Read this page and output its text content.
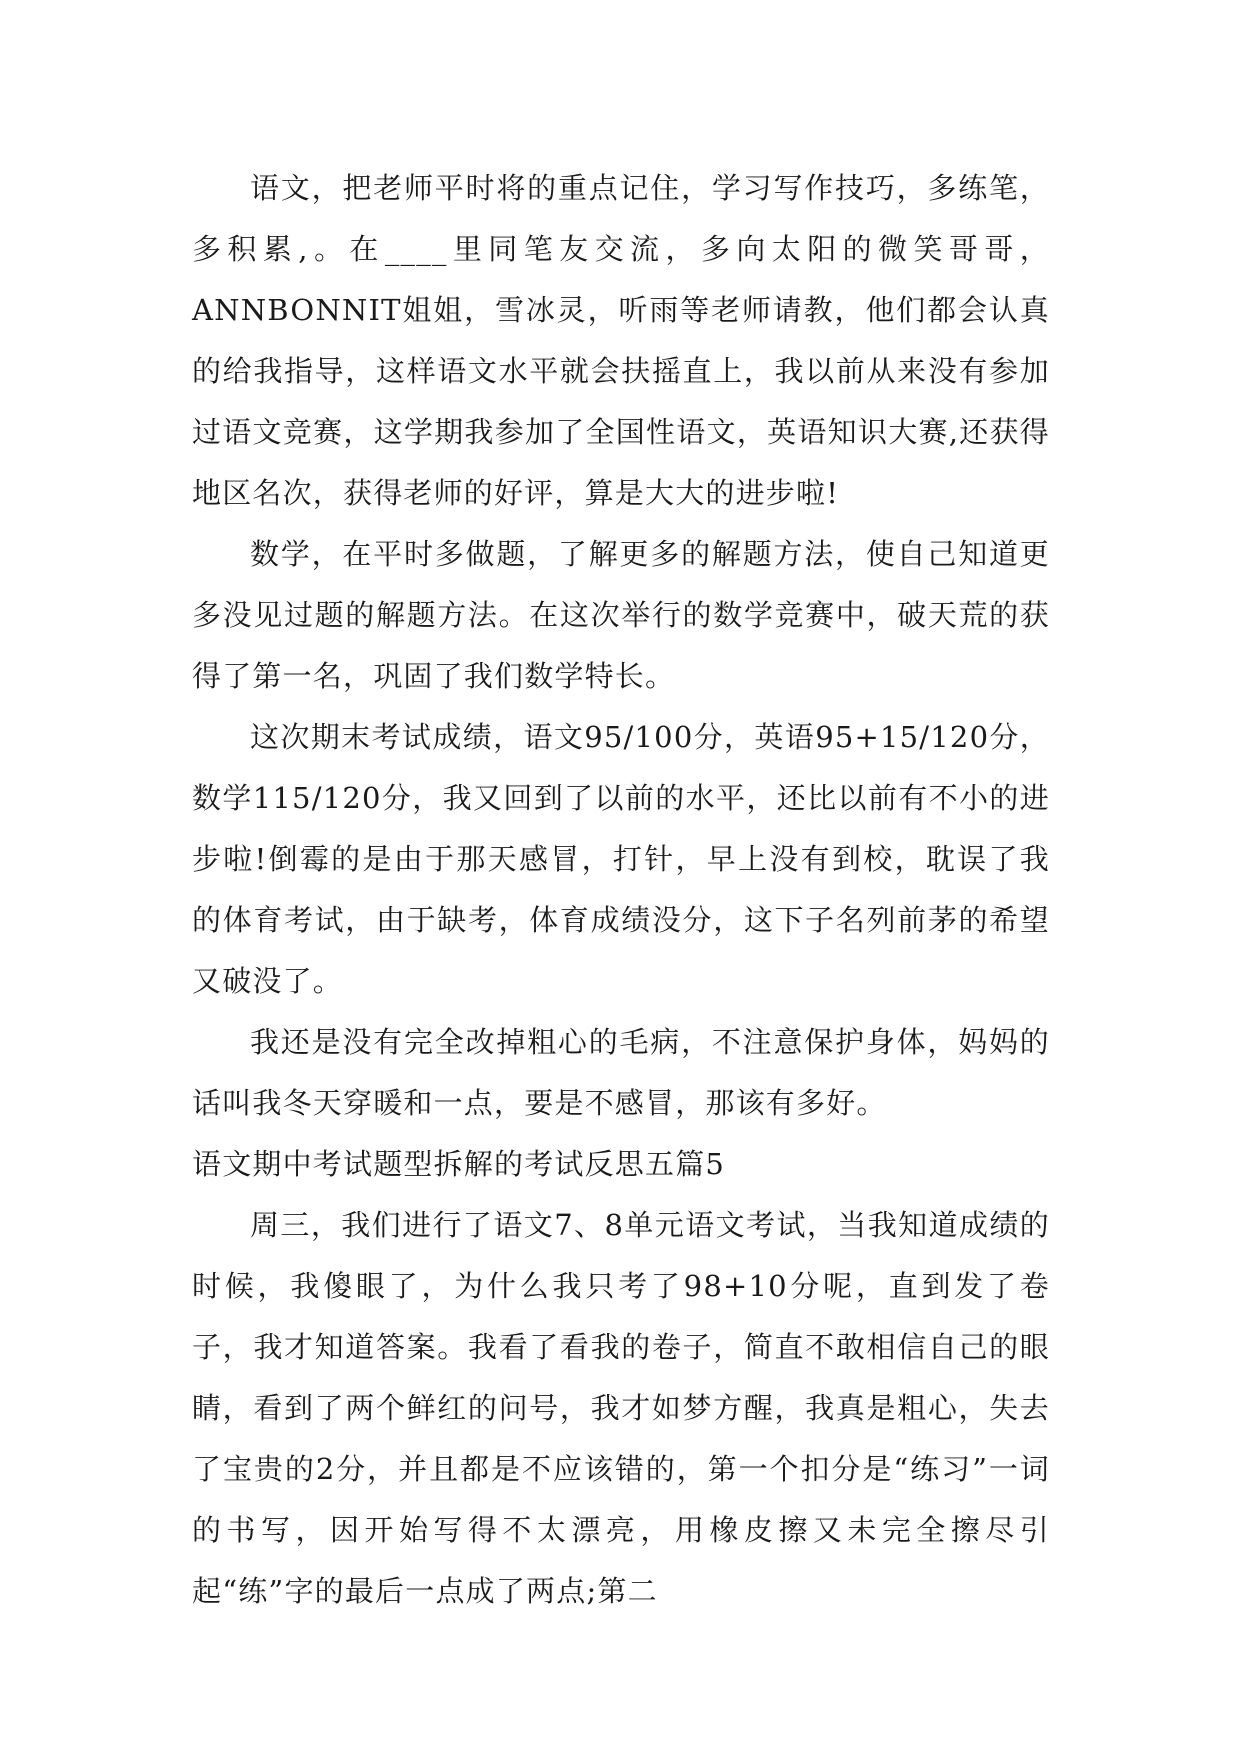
语文，把老师平时将的重点记住，学习写作技巧，多练笔，多积累,。在____里同笔友交流，多向太阳的微笑哥哥，ANNBONNIT姐姐，雪冰灵，听雨等老师请教，他们都会认真的给我指导，这样语文水平就会扶摇直上，我以前从来没有参加过语文竞赛，这学期我参加了全国性语文，英语知识大赛,还获得地区名次，获得老师的好评，算是大大的进步啦!

数学，在平时多做题，了解更多的解题方法，使自己知道更多没见过题的解题方法。在这次举行的数学竞赛中，破天荒的获得了第一名，巩固了我们数学特长。

这次期末考试成绩，语文95/100分，英语95+15/120分，数学115/120分，我又回到了以前的水平，还比以前有不小的进步啦!倒霉的是由于那天感冒，打针，早上没有到校，耽误了我的体育考试，由于缺考，体育成绩没分，这下子名列前茅的希望又破没了。

我还是没有完全改掉粗心的毛病，不注意保护身体，妈妈的话叫我冬天穿暖和一点，要是不感冒，那该有多好。

语文期中考试题型拆解的考试反思五篇5

周三，我们进行了语文7、8单元语文考试，当我知道成绩的时候，我傻眼了，为什么我只考了98+10分呢，直到发了卷子，我才知道答案。我看了看我的卷子，简直不敢相信自己的眼睛，看到了两个鲜红的问号，我才如梦方醒，我真是粗心，失去了宝贵的2分，并且都是不应该错的，第一个扣分是“练习”一词的书写，因开始写得不太漂亮，用橡皮擦又未完全擦尽引起“练”字的最后一点成了两点;第二
